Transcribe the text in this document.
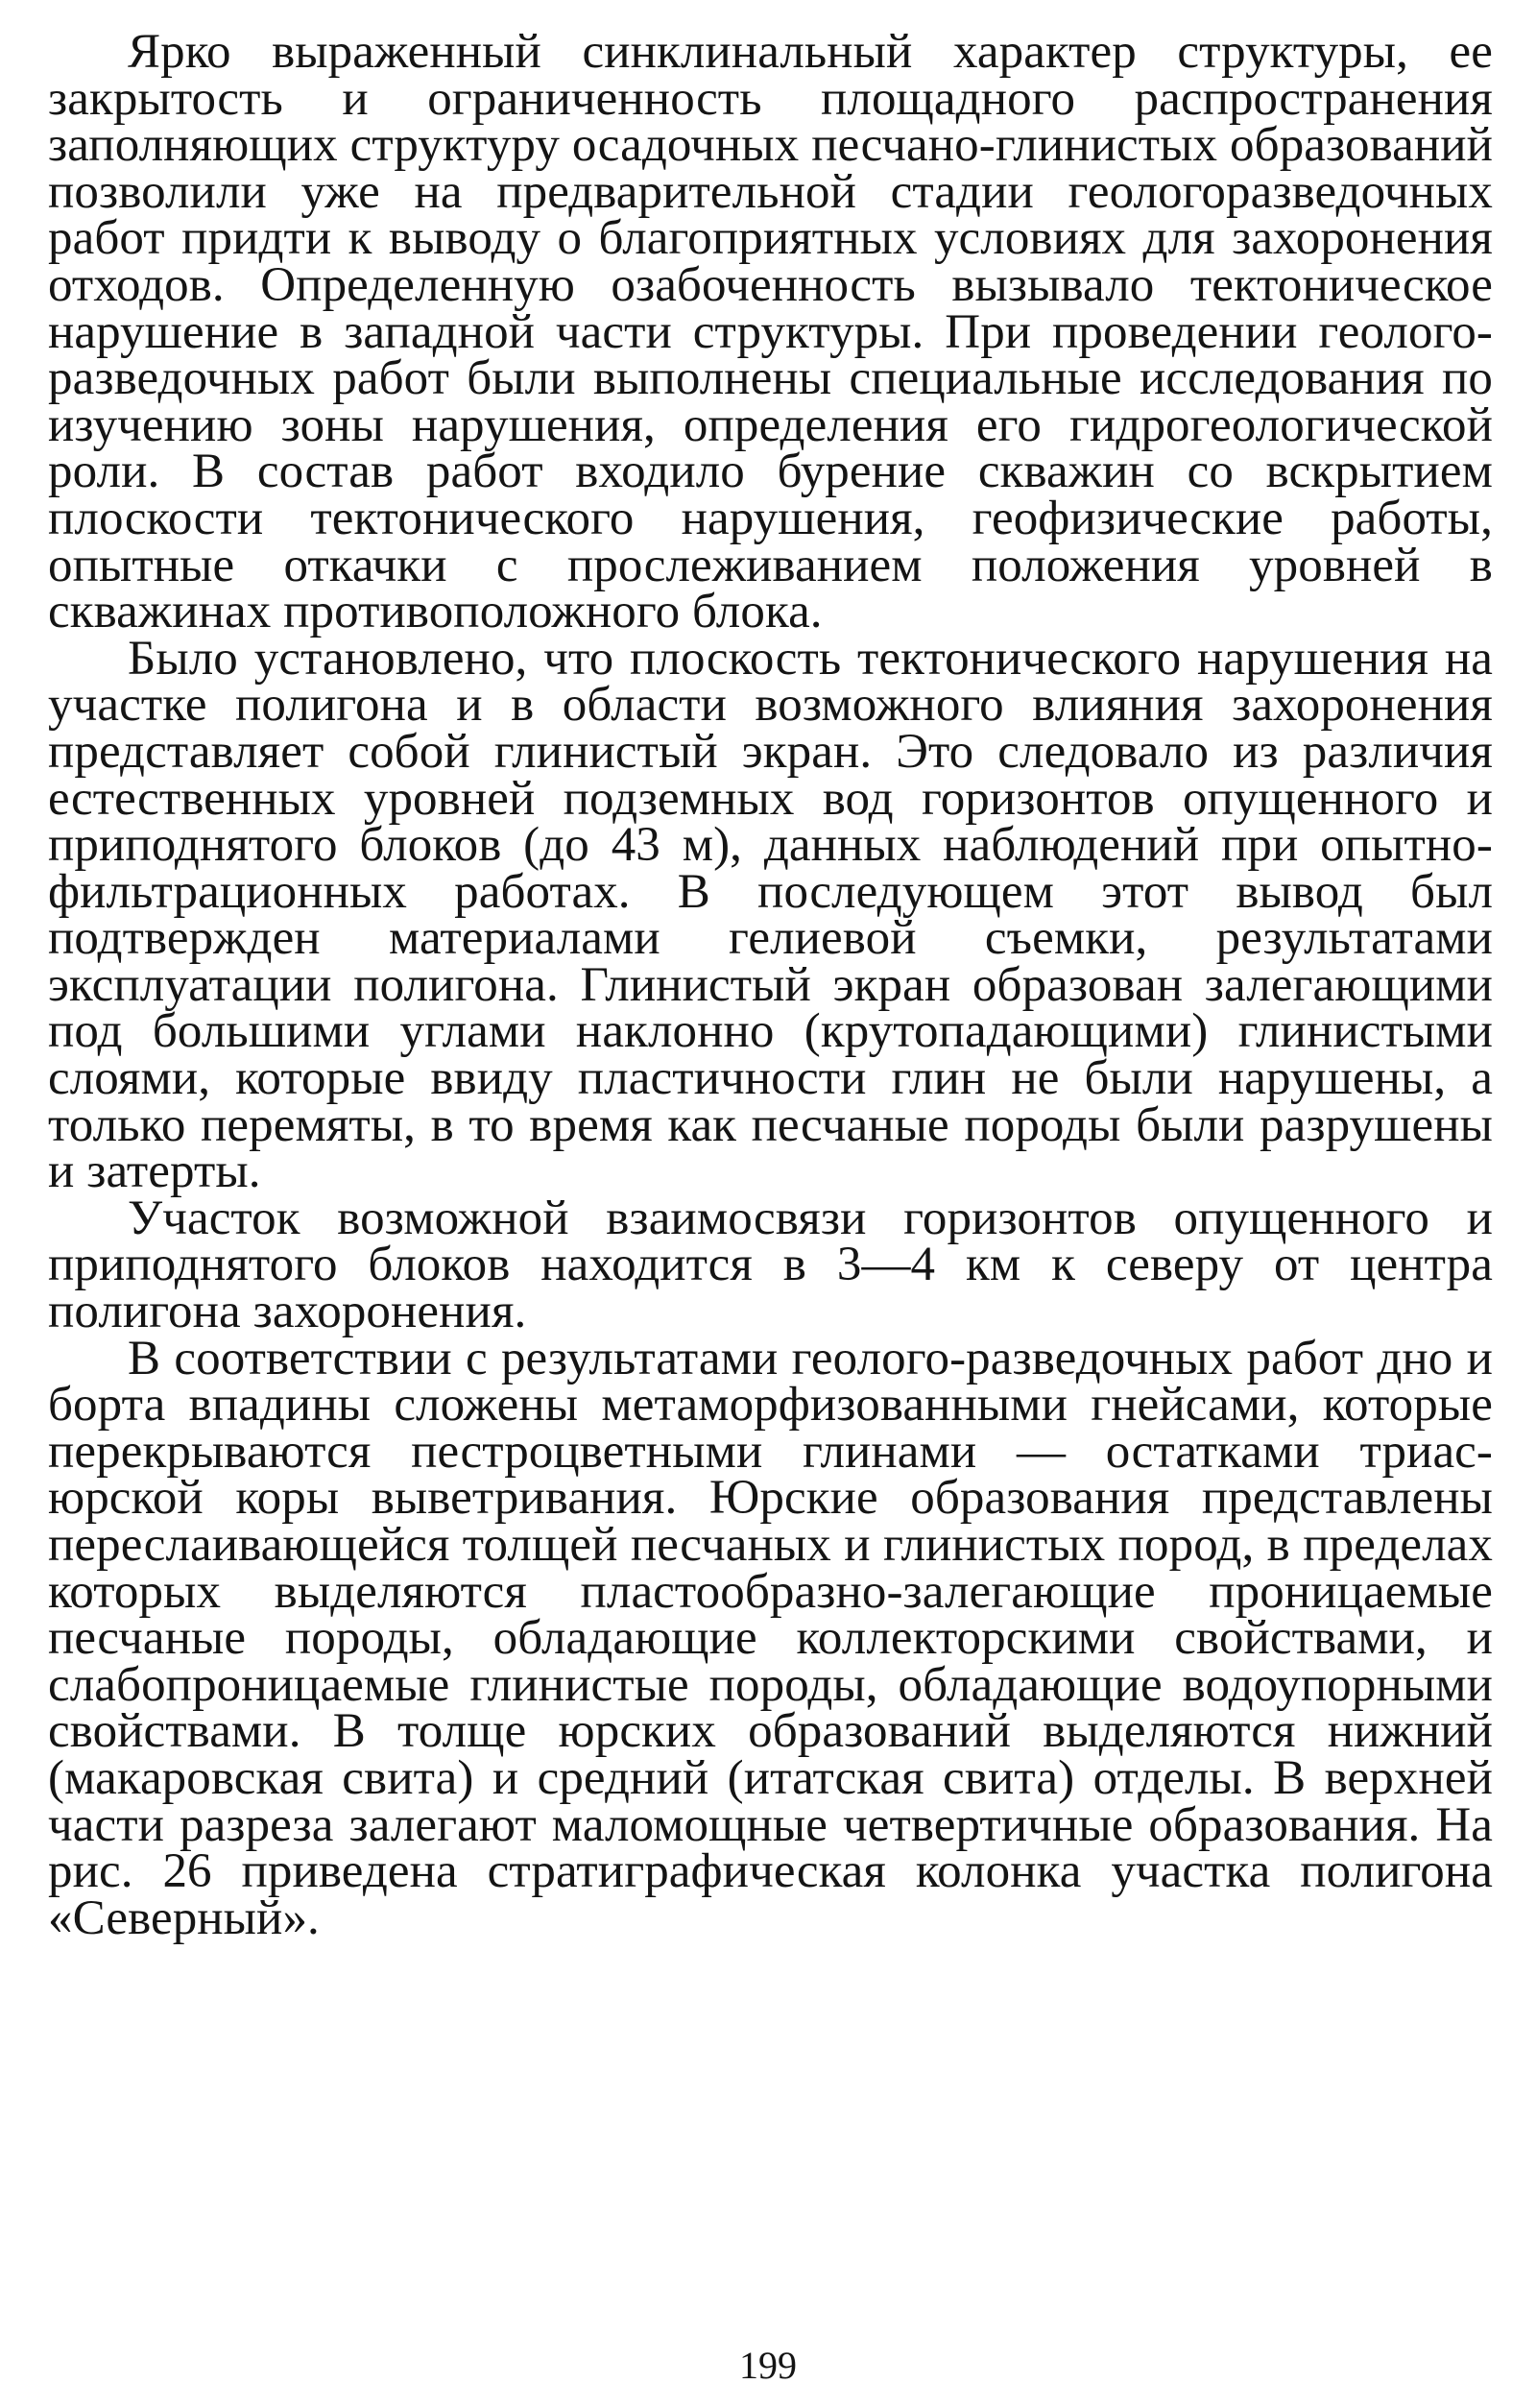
Ярко выраженный синклинальный характер структуры, ее закрытость и ограниченность площадного распространения заполняющих структуру осадочных песчано-глинистых образований позволили уже на предварительной стадии геологоразведочных работ придти к выводу о благоприятных условиях для захоронения отходов. Определенную озабоченность вызывало тектоническое нарушение в западной части структуры. При проведении геолого-разведочных работ были выполнены специальные исследования по изучению зоны нарушения, определения его гидрогеологической роли. В состав работ входило бурение скважин со вскрытием плоскости тектонического нарушения, геофизические работы, опытные откачки с прослеживанием положения уровней в скважинах противоположного блока.

Было установлено, что плоскость тектонического нарушения на участке полигона и в области возможного влияния захоронения представляет собой глинистый экран. Это следовало из различия естественных уровней подземных вод горизонтов опущенного и приподнятого блоков (до 43 м), данных наблюдений при опытно-фильтрационных работах. В последующем этот вывод был подтвержден материалами гелиевой съемки, результатами эксплуатации полигона. Глинистый экран образован залегающими под большими углами наклонно (крутопадающими) глинистыми слоями, которые ввиду пластичности глин не были нарушены, а только перемяты, в то время как песчаные породы были разрушены и затерты.

Участок возможной взаимосвязи горизонтов опущенного и приподнятого блоков находится в 3—4 км к северу от центра полигона захоронения.

В соответствии с результатами геолого-разведочных работ дно и борта впадины сложены метаморфизованными гнейсами, которые перекрываются пестроцветными глинами — остатками триас-юрской коры выветривания. Юрские образования представлены переслаивающейся толщей песчаных и глинистых пород, в пределах которых выделяются пластообразно-залегающие проницаемые песчаные породы, обладающие коллекторскими свойствами, и слабопроницаемые глинистые породы, обладающие водоупорными свойствами. В толще юрских образований выделяются нижний (макаровская свита) и средний (итатская свита) отделы. В верхней части разреза залегают маломощные четвертичные образования. На рис. 26 приведена стратиграфическая колонка участка полигона «Северный».

199
